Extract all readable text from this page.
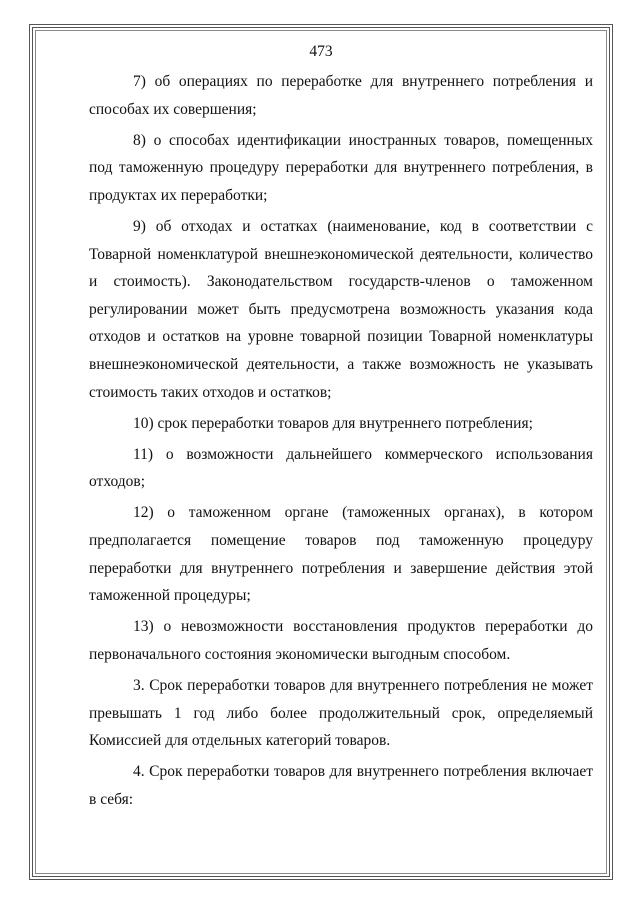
473

7) об операциях по переработке для внутреннего потребления и способах их совершения;

8) о способах идентификации иностранных товаров, помещенных под таможенную процедуру переработки для внутреннего потребления, в продуктах их переработки;

9) об отходах и остатках (наименование, код в соответствии с Товарной номенклатурой внешнеэкономической деятельности, количество и стоимость). Законодательством государств-членов о таможенном регулировании может быть предусмотрена возможность указания кода отходов и остатков на уровне товарной позиции Товарной номенклатуры внешнеэкономической деятельности, а также возможность не указывать стоимость таких отходов и остатков;

10) срок переработки товаров для внутреннего потребления;

11) о возможности дальнейшего коммерческого использования отходов;

12) о таможенном органе (таможенных органах), в котором предполагается помещение товаров под таможенную процедуру переработки для внутреннего потребления и завершение действия этой таможенной процедуры;

13) о невозможности восстановления продуктов переработки до первоначального состояния экономически выгодным способом.

3. Срок переработки товаров для внутреннего потребления не может превышать 1 год либо более продолжительный срок, определяемый Комиссией для отдельных категорий товаров.

4. Срок переработки товаров для внутреннего потребления включает в себя:
